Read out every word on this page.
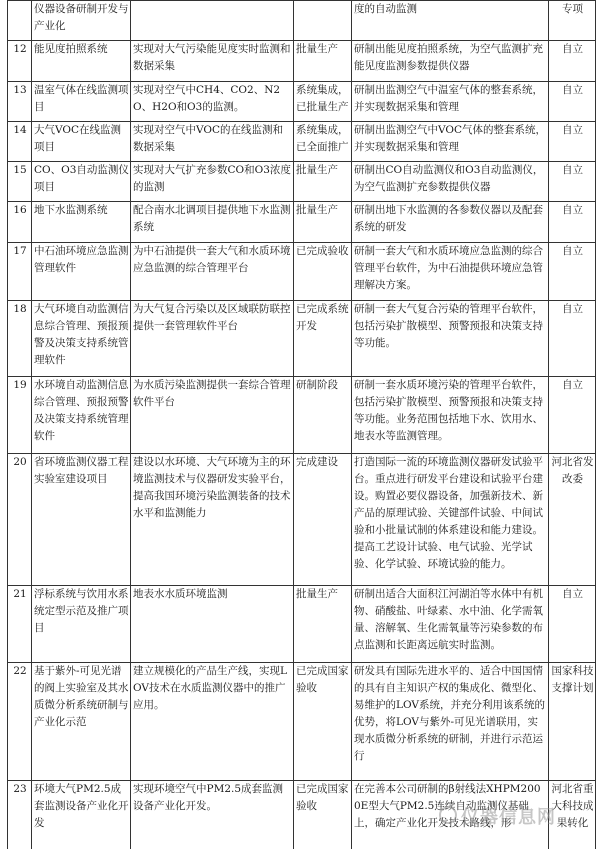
	仪器设备研制开发与产业化			度的自动监测	专项
12	能见度拍照系统	实现对大气污染能见度实时监测和数据采集	批量生产	研制出能见度拍照系统，为空气监测扩充能见度监测参数提供仪器	自立
13	温室气体在线监测项目	实现对空气中CH4、CO2、N2O、H2O和O3的监测。	系统集成，已批量生产	研制出监测空气中温室气体的整套系统，并实现数据采集和管理	自立
14	大气VOC在线监测项目	实现对空气中VOC的在线监测和数据采集	系统集成，已全面推广	研制出监测空气中VOC气体的整套系统，并实现数据采集和管理	自立
15	CO、O3自动监测仪项目	实现对大气扩充参数CO和O3浓度的监测	批量生产	研制出CO自动监测仪和O3自动监测仪，为空气监测扩充参数提供仪器	自立
16	地下水监测系统	配合南水北调项目提供地下水监测系统	批量生产	研制出地下水监测的各参数仪器以及配套系统的研发	自立
17	中石油环境应急监测管理软件	为中石油提供一套大气和水质环境应急监测的综合管理平台	已完成验收	研制一套大气和水质环境应急监测的综合管理平台软件，为中石油提供环境应急管理解决方案。	自立
18	大气环境自动监测信息综合管理、预报预警及决策支持系统管理软件	为大气复合污染以及区域联防联控提供一套管理软件平台	已完成系统开发	研制一套大气复合污染的管理平台软件，包括污染扩散模型、预警预报和决策支持等功能。	自立
19	水环境自动监测信息综合管理、预报预警及决策支持系统管理软件	为水质污染监测提供一套综合管理软件平台	研制阶段	研制一套水质环境污染的管理平台软件，包括污染扩散模型、预警预报和决策支持等功能。业务范围包括地下水、饮用水、地表水等监测管理。	自立
20	省环境监测仪器工程实验室建设项目	建设以水环境、大气环境为主的环境监测技术与仪器研发实验平台，提高我国环境污染监测装备的技术水平和监测能力	完成建设	打造国际一流的环境监测仪器研发试验平台。重点进行研发平台建设和试验平台建设。购置必要仪器设备，加强新技术、新产品的原理试验、关键部件试验、中间试验和小批量试制的体系建设和能力建设。提高工艺设计试验、电气试验、光学试验、化学试验、环境试验的能力。	河北省发改委
21	浮标系统与饮用水系统定型示范及推广项目	地表水水质环境监测	批量生产	研制出适合大面积江河湖泊等水体中有机物、硝酸盐、叶绿素、水中油、化学需氧量、溶解氧、生化需氧量等污染参数的布点监测和长距离远航实时监测。	自立
22	基于紫外-可见光谱的阀上实验室及其水质微分析系统研制与产业化示范	建立规模化的产品生产线，实现LOV技术在水质监测仪器中的推广应用。	已完成国家验收	研发具有国际先进水平的、适合中国国情的具有自主知识产权的集成化、微型化、易维护的LOV系统，并充分利用该系统的优势，将LOV与紫外-可见光谱联用，实现水质微分析系统的研制，并进行示范运行	国家科技支撑计划
23	环境大气PM2.5成套监测设备产业化开发	实现环境空气中PM2.5成套监测设备产业化开发。	已完成国家验收	在完善本公司研制的β射线法XHPM2000E型大气PM2.5连续自动监测仪基础上，确定产业化开发技术路线，形	河北省重大科技成果转化
仪器信息网
